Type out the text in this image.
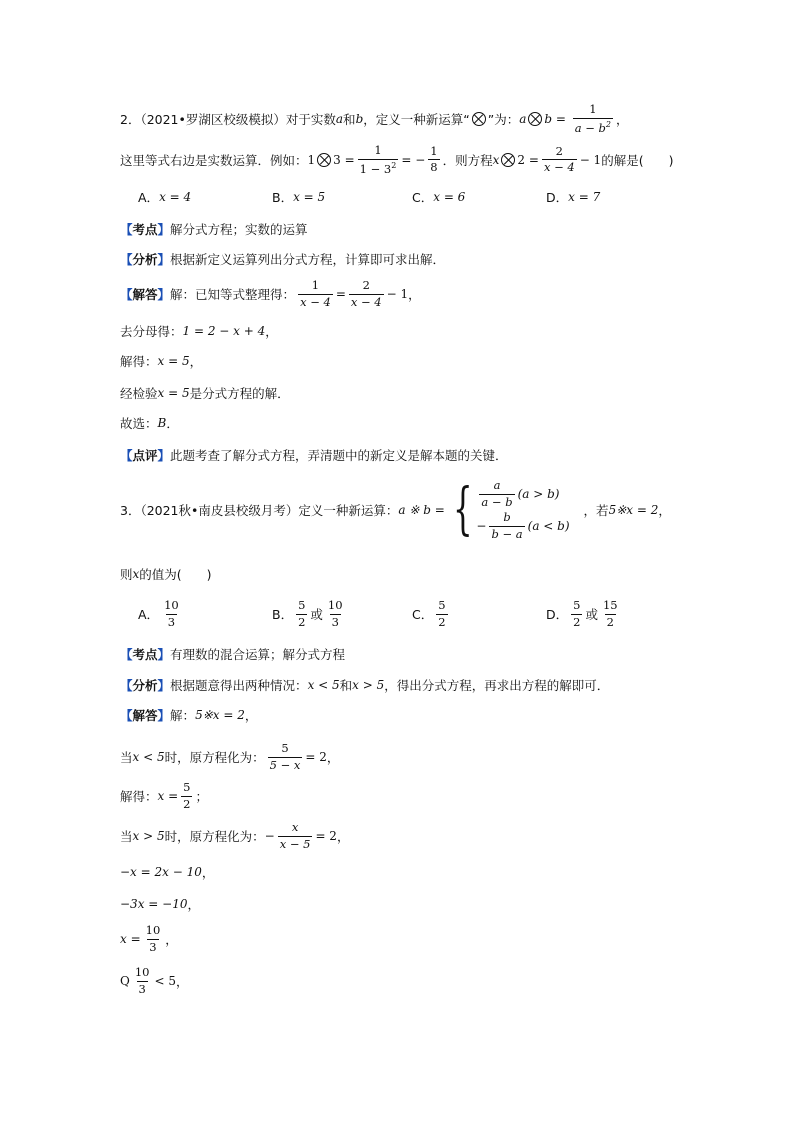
2．（2021•罗湖区校级模拟）对于实数 a 和 b ，定义一种新运算“ ”为： a $b = \frac{1}{a - b^2}$ ，
这里等式右边是实数运算．例如： 1 $3 = \frac{1}{1 - 3^2}$ = − $\frac{1}{8}$ ．则方程 x $2 = \frac{2}{x - 4} - 1$ 的解是(　　)
A． x = 4	B． x = 5	C． x = 6	D． x = 7
【考点】 解分式方程；实数的运算
【分析】 根据新定义运算列出分式方程，计算即可求出解．
【解答】 解：已知等式整理得： $\frac{1}{x - 4} = \frac{2}{x - 4} - 1$ ，
去分母得： 1 = 2 − x + 4 ，
解得： x = 5 ，
经检验 x = 5 是分式方程的解．
故选： B ．
【点评】 此题考查了解分式方程，弄清题中的新定义是解本题的关键．
3．（2021秋•南皮县校级月考）定义一种新运算： a ※ b = { $\frac{a}{a - b} (a > b)$
− $\frac{b}{b - a} (a < b)$
，若 5※x = 2 ，
则 x 的值为(　　)
A． $\frac{10}{3}$	B． $\frac{5}{2}$ 或 $\frac{10}{3}$	C． $\frac{5}{2}$	D． $\frac{5}{2}$ 或 $\frac{15}{2}$
【考点】 有理数的混合运算；解分式方程
【分析】 根据题意得出两种情况： x < 5 和 x > 5 ，得出分式方程，再求出方程的解即可．
【解答】 解： 5※x = 2 ，
当 x < 5 时，原方程化为： $\frac{5}{5 - x} = 2$ ，
解得： $x = \frac{5}{2}$ ；
当 x > 5 时，原方程化为： − $\frac{x}{x - 5} = 2$ ，
−x = 2x − 10 ，
−3x = −10 ，
$x = \frac{10}{3}$ ，
Q $\frac{10}{3} < 5$ ，
